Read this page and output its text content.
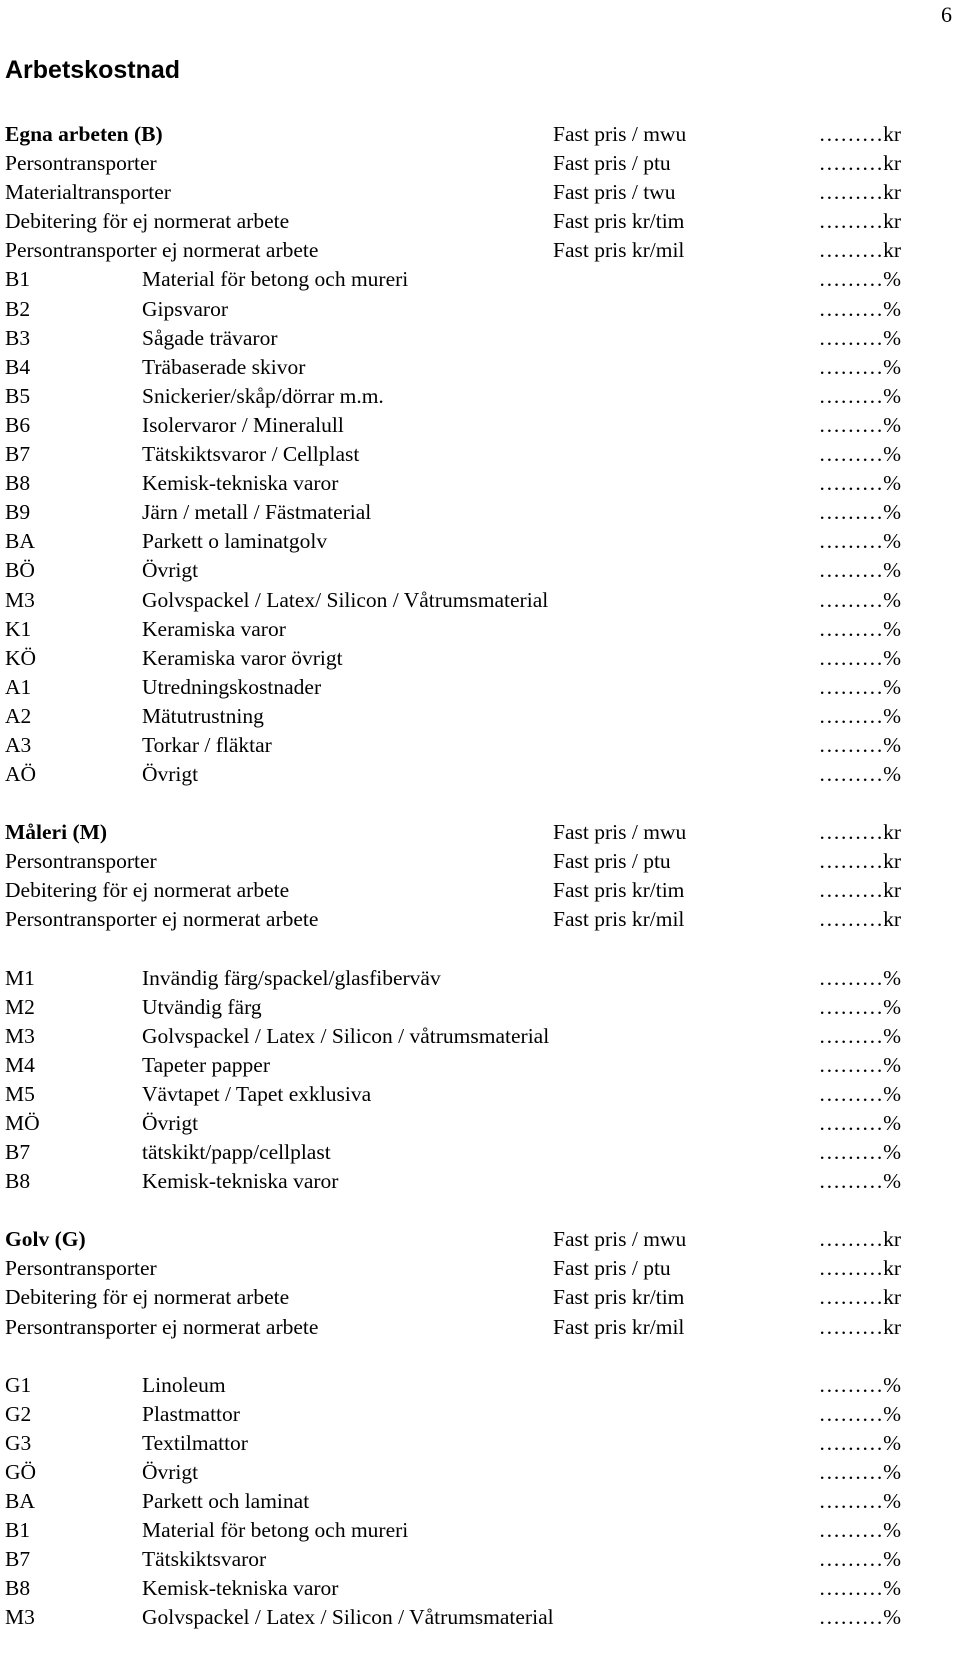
6
Arbetskostnad
Egna arbeten (B)	Fast pris / mwu	………kr
Persontransporter	Fast pris / ptu	………kr
Materialtransporter	Fast pris / twu	………kr
Debitering för ej normerat arbete	Fast pris kr/tim	………kr
Persontransporter ej normerat arbete	Fast pris kr/mil	………kr
B1	Material för betong och mureri	………%
B2	Gipsvaror	………%
B3	Sågade trävaror	………%
B4	Träbaserade skivor	………%
B5	Snickerier/skåp/dörrar m.m.	………%
B6	Isolervaror / Mineralull	………%
B7	Tätskiktsvaror / Cellplast	………%
B8	Kemisk-tekniska varor	………%
B9	Järn / metall / Fästmaterial	………%
BA	Parkett o laminatgolv	………%
BÖ	Övrigt	………%
M3	Golvspackel / Latex/ Silicon / Våtrumsmaterial	………%
K1	Keramiska varor	………%
KÖ	Keramiska varor övrigt	………%
A1	Utredningskostnader	………%
A2	Mätutrustning	………%
A3	Torkar / fläktar	………%
AÖ	Övrigt	………%
Måleri (M)	Fast pris / mwu	………kr
Persontransporter	Fast pris / ptu	………kr
Debitering för ej normerat arbete	Fast pris kr/tim	………kr
Persontransporter ej normerat arbete	Fast pris kr/mil	………kr
M1	Invändig färg/spackel/glasfiberväv	………%
M2	Utvändig färg	………%
M3	Golvspackel / Latex / Silicon / våtrumsmaterial	………%
M4	Tapeter papper	………%
M5	Vävtapet / Tapet exklusiva	………%
MÖ	Övrigt	………%
B7	tätskikt/papp/cellplast	………%
B8	Kemisk-tekniska varor	………%
Golv (G)	Fast pris / mwu	………kr
Persontransporter	Fast pris / ptu	………kr
Debitering för ej normerat arbete	Fast pris kr/tim	………kr
Persontransporter ej normerat arbete	Fast pris kr/mil	………kr
G1	Linoleum	………%
G2	Plastmattor	………%
G3	Textilmattor	………%
GÖ	Övrigt	………%
BA	Parkett och laminat	………%
B1	Material för betong och mureri	………%
B7	Tätskiktsvaror	………%
B8	Kemisk-tekniska varor	………%
M3	Golvspackel / Latex / Silicon / Våtrumsmaterial	………%
